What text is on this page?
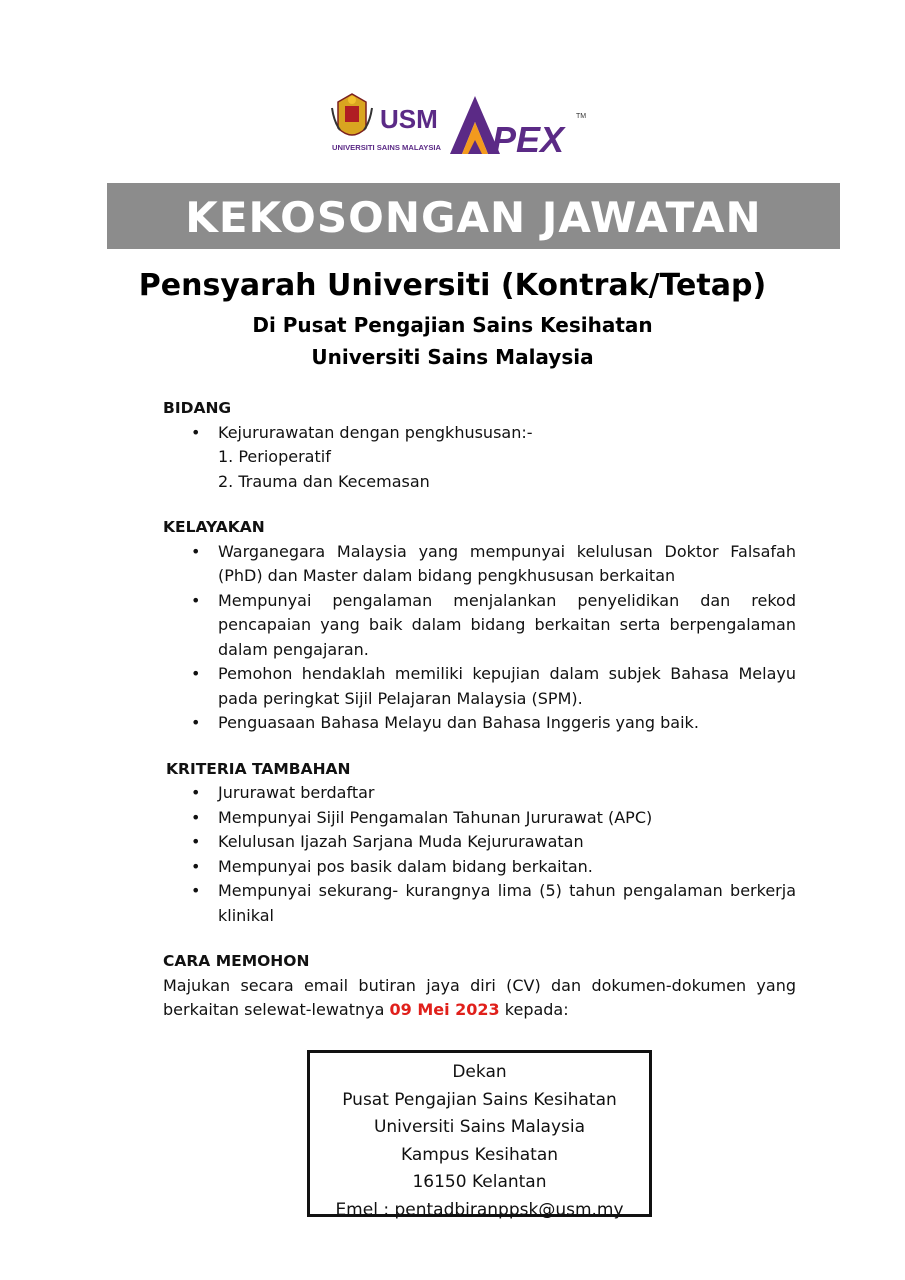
USM
UNIVERSITI SAINS MALAYSIA PEX
TM
KEKOSONGAN JAWATAN
Pensyarah Universiti (Kontrak/Tetap)
Di Pusat Pengajian Sains Kesihatan
Universiti Sains Malaysia

BIDANG

• Kejururawatan dengan pengkhususan:-
1. Perioperatif
2. Trauma dan Kecemasan

KELAYAKAN

• Warganegara Malaysia yang mempunyai kelulusan Doktor Falsafah (PhD) dan Master dalam bidang pengkhususan berkaitan
• Mempunyai pengalaman menjalankan penyelidikan dan rekod pencapaian yang baik dalam bidang berkaitan serta berpengalaman dalam pengajaran.
• Pemohon hendaklah memiliki kepujian dalam subjek Bahasa Melayu pada peringkat Sijil Pelajaran Malaysia (SPM).
• Penguasaan Bahasa Melayu dan Bahasa Inggeris yang baik.

KRITERIA TAMBAHAN

• Jururawat berdaftar
• Mempunyai Sijil Pengamalan Tahunan Jururawat (APC)
• Kelulusan Ijazah Sarjana Muda Kejururawatan
• Mempunyai pos basik dalam bidang berkaitan.
• Mempunyai sekurang- kurangnya lima (5) tahun pengalaman berkerja klinikal

CARA MEMOHON

Majukan secara email butiran jaya diri (CV) dan dokumen-dokumen yang berkaitan selewat-lewatnya 09 Mei 2023 kepada:

Dekan
Pusat Pengajian Sains Kesihatan
Universiti Sains Malaysia
Kampus Kesihatan
16150 Kelantan
Emel : pentadbiranppsk@usm.my
